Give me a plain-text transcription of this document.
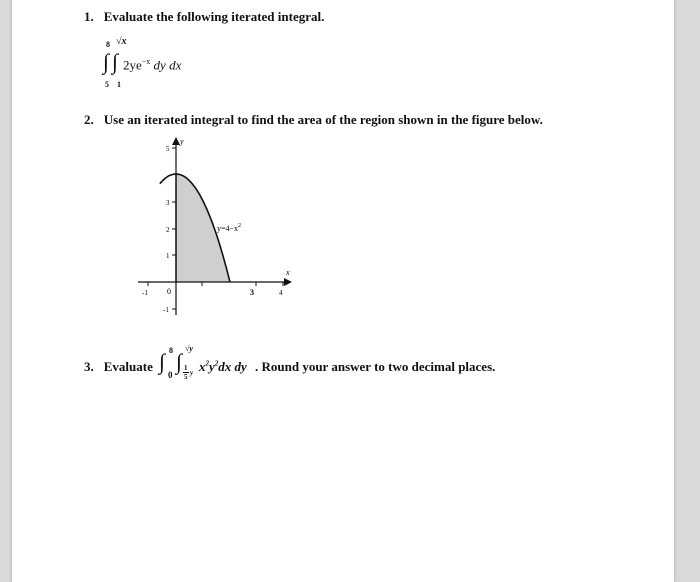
1. Evaluate the following iterated integral.
8 √x
∫ ∫ $2ye^{-x}$ dy dx
5 1
2. Use an iterated integral to find the area of the region shown in the figure below.
y
x
5
3
2
1
-1
-1 0	3	4
$y=4-x^2$
3. Evaluate ∫ 8
0
∫
√y
1
5 y $x^2y^2dx$ dy . Round your answer to two decimal places.
